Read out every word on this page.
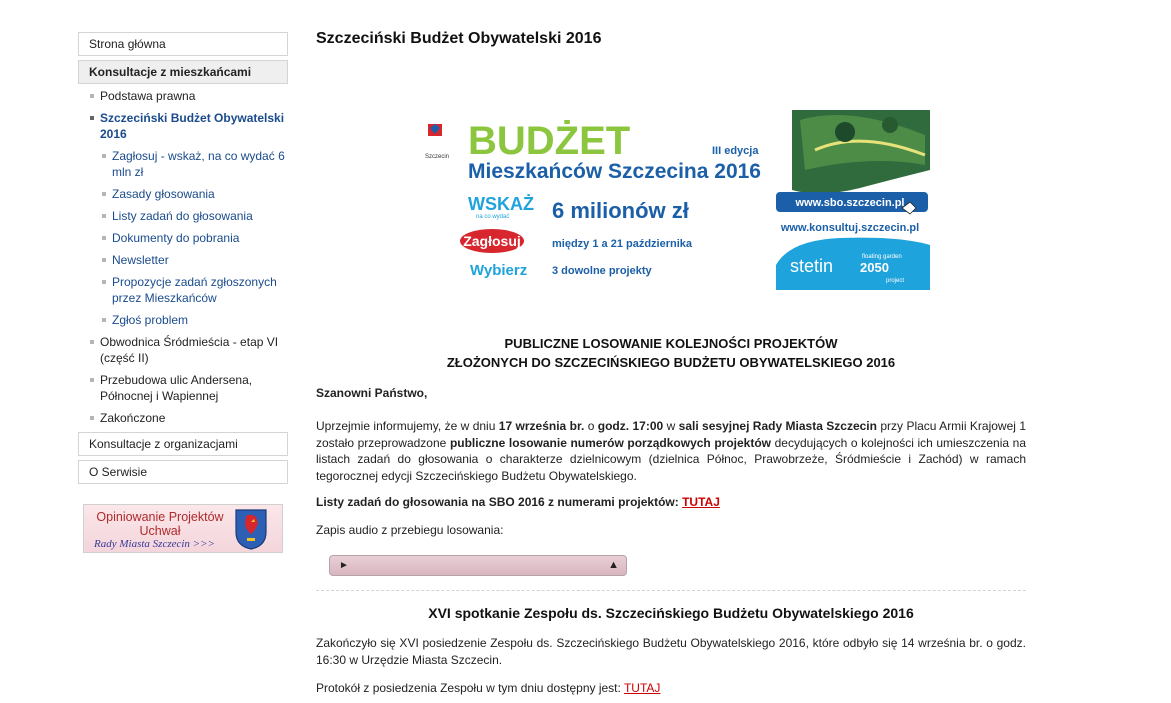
Strona główna
Konsultacje z mieszkańcami
Podstawa prawna
Szczeciński Budżet Obywatelski 2016
Zagłosuj - wskaż, na co wydać 6 mln zł
Zasady głosowania
Listy zadań do głosowania
Dokumenty do pobrania
Newsletter
Propozycje zadań zgłoszonych przez Mieszkańców
Zgłoś problem
Obwodnica Śródmieścia - etap VI (część II)
Przebudowa ulic Andersena, Północnej i Wapiennej
Zakończone
Konsultacje z organizacjami
O Serwisie
Opiniowanie Projektów Uchwał
Rady Miasta Szczecin >>>
Szczeciński Budżet Obywatelski 2016
Szczecin BUDŻET	III edycja
Mieszkańców Szczecina 2016
WSKAŻ
na co wydać 6 milionów zł
Zagłosuj	między 1 a 21 października
Wybierz 3 dowolne projekty
www.sbo.szczecin.pl
www.konsultuj.szczecin.pl
stetin	floating garden
2050
project
PUBLICZNE LOSOWANIE KOLEJNOŚCI PROJEKTÓW
ZŁOŻONYCH DO SZCZECIŃSKIEGO BUDŻETU OBYWATELSKIEGO 2016

Szanowni Państwo,

Uprzejmie informujemy, że w dniu 17 września br. o godz. 17:00 w sali sesyjnej Rady Miasta Szczecin przy Placu Armii Krajowej 1 zostało przeprowadzone publiczne losowanie numerów porządkowych projektów decydujących o kolejności ich umieszczenia na listach zadań do głosowania o charakterze dzielnicowym (dzielnica Północ, Prawobrzeże, Śródmieście i Zachód) w ramach tegorocznej edycji Szczecińskiego Budżetu Obywatelskiego.

Listy zadań do głosowania na SBO 2016 z numerami projektów: TUTAJ

Zapis audio z przebiegu losowania:

►	▲︎
XVI spotkanie Zespołu ds. Szczecińskiego Budżetu Obywatelskiego 2016

Zakończyło się XVI posiedzenie Zespołu ds. Szczecińskiego Budżetu Obywatelskiego 2016, które odbyło się 14 września br. o godz. 16:30 w Urzędzie Miasta Szczecin.

Protokół z posiedzenia Zespołu w tym dniu dostępny jest: TUTAJ
